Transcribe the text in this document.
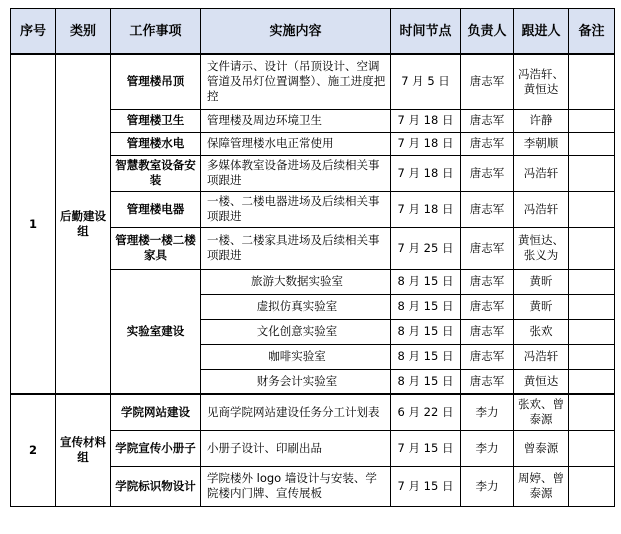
序号	类别	工作事项	实施内容	时间节点	负责人	跟进人	备注
1	后勤建设组	管理楼吊顶	文件请示、设计（吊顶设计、空调管道及吊灯位置调整）、施工进度把控	7 月 5 日	唐志军	冯浩轩、黄恒达	
		管理楼卫生	管理楼及周边环境卫生	7 月 18 日	唐志军	许静	
		管理楼水电	保障管理楼水电正常使用	7 月 18 日	唐志军	李朝顺	
		智慧教室设备安装	多媒体教室设备进场及后续相关事项跟进	7 月 18 日	唐志军	冯浩轩	
		管理楼电器	一楼、二楼电器进场及后续相关事项跟进	7 月 18 日	唐志军	冯浩轩	
		管理楼一楼二楼家具	一楼、二楼家具进场及后续相关事项跟进	7 月 25 日	唐志军	黄恒达、张义为	
		实验室建设	旅游大数据实验室	8 月 15 日	唐志军	黄昕	
			虚拟仿真实验室	8 月 15 日	唐志军	黄昕	
			文化创意实验室	8 月 15 日	唐志军	张欢	
			咖啡实验室	8 月 15 日	唐志军	冯浩轩	
			财务会计实验室	8 月 15 日	唐志军	黄恒达	
2	宣传材料组	学院网站建设	见商学院网站建设任务分工计划表	6 月 22 日	李力	张欢、曾泰源	
		学院宣传小册子	小册子设计、印刷出品	7 月 15 日	李力	曾泰源	
		学院标识物设计	学院楼外 logo 墙设计与安装、学院楼内门牌、宣传展板	7 月 15 日	李力	周婷、曾泰源	
